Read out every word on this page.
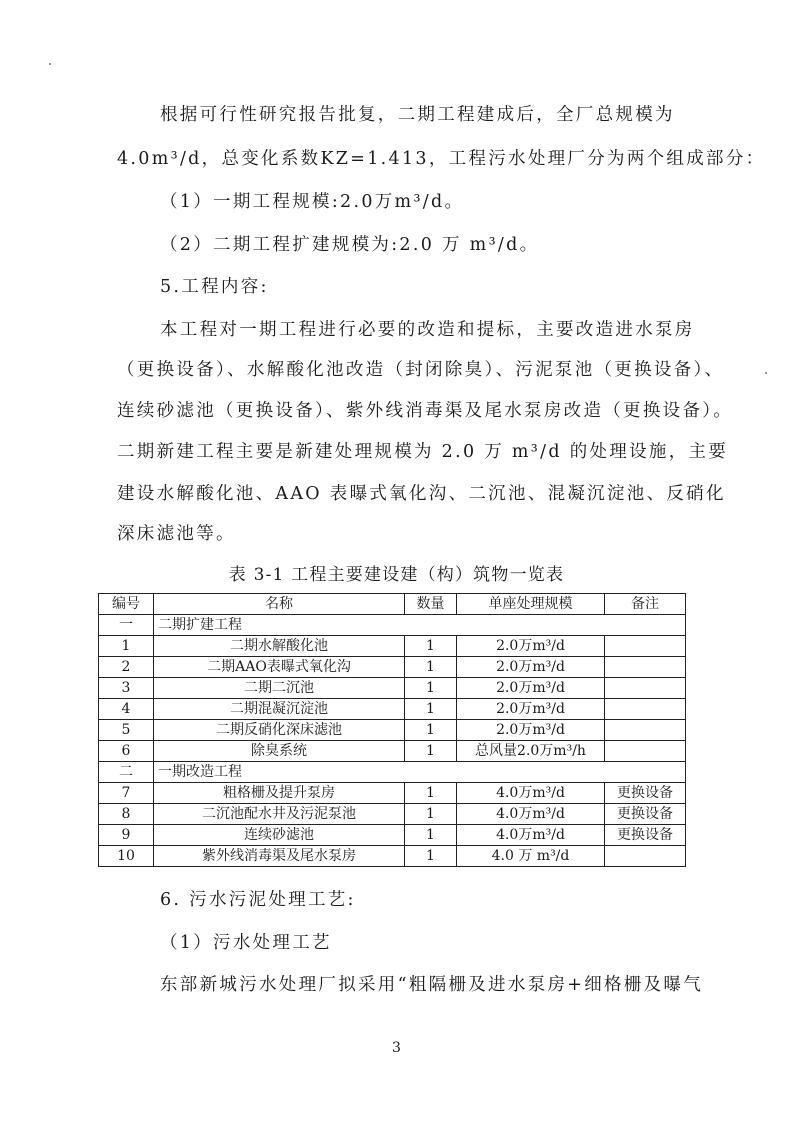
根据可行性研究报告批复，二期工程建成后，全厂总规模为
4.0m³/d，总变化系数KZ=1.413，工程污水处理厂分为两个组成部分：
（1）一期工程规模:2.0万m³/d。
（2）二期工程扩建规模为:2.0 万 m³/d。
5.工程内容:
本工程对一期工程进行必要的改造和提标，主要改造进水泵房
（更换设备）、水解酸化池改造（封闭除臭）、污泥泵池（更换设备）、
连续砂滤池（更换设备）、紫外线消毒渠及尾水泵房改造（更换设备）。
二期新建工程主要是新建处理规模为 2.0 万 m³/d 的处理设施，主要
建设水解酸化池、AAO 表曝式氧化沟、二沉池、混凝沉淀池、反硝化
深床滤池等。
表 3-1 工程主要建设建（构）筑物一览表
编号	名称	数量	单座处理规模	备注
一	二期扩建工程			
1	二期水解酸化池	1	2.0万m³/d	
2	二期AAO表曝式氧化沟	1	2.0万m³/d	
3	二期二沉池	1	2.0万m³/d	
4	二期混凝沉淀池	1	2.0万m³/d	
5	二期反硝化深床滤池	1	2.0万m³/d	
6	除臭系统	1	总风量2.0万m³/h	
二	一期改造工程			
7	粗格栅及提升泵房	1	4.0万m³/d	更换设备
8	二沉池配水井及污泥泵池	1	4.0万m³/d	更换设备
9	连续砂滤池	1	4.0万m³/d	更换设备
10	紫外线消毒渠及尾水泵房	1	4.0 万 m³/d	
6. 污水污泥处理工艺:
（1）污水处理工艺
东部新城污水处理厂拟采用“粗隔栅及进水泵房+细格栅及曝气
3
